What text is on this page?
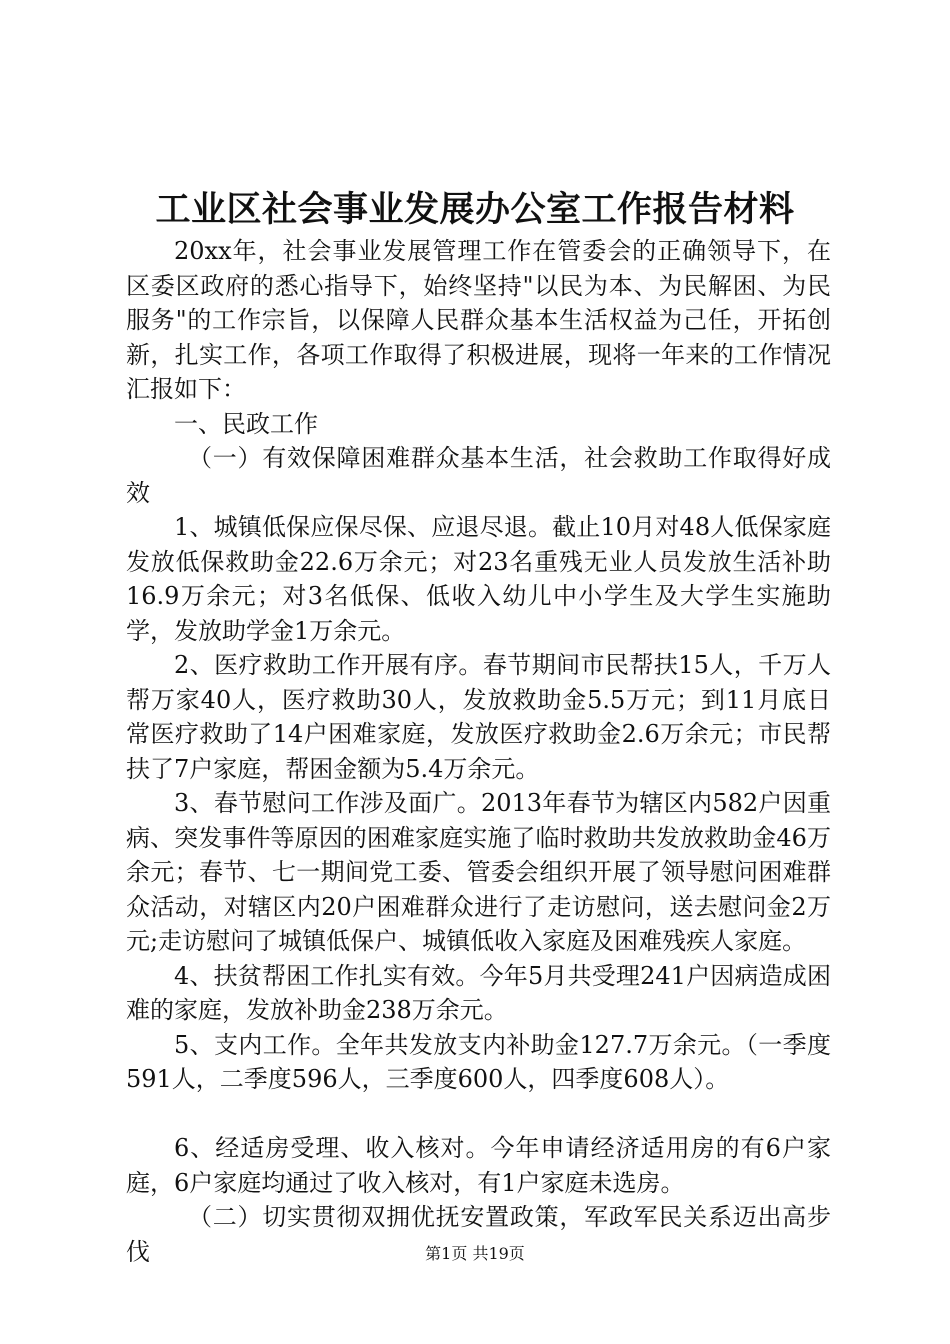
工业区社会事业发展办公室工作报告材料

20xx年，社会事业发展管理工作在管委会的正确领导下，在区委区政府的悉心指导下，始终坚持"以民为本、为民解困、为民服务"的工作宗旨，以保障人民群众基本生活权益为己任，开拓创新，扎实工作，各项工作取得了积极进展，现将一年来的工作情况汇报如下：

一、民政工作

（一）有效保障困难群众基本生活，社会救助工作取得好成效

1、城镇低保应保尽保、应退尽退。截止10月对48人低保家庭发放低保救助金22.6万余元；对23名重残无业人员发放生活补助16.9万余元；对3名低保、低收入幼儿中小学生及大学生实施助学，发放助学金1万余元。

2、医疗救助工作开展有序。春节期间市民帮扶15人，千万人帮万家40人，医疗救助30人，发放救助金5.5万元；到11月底日常医疗救助了14户困难家庭，发放医疗救助金2.6万余元；市民帮扶了7户家庭，帮困金额为5.4万余元。

3、春节慰问工作涉及面广。2013年春节为辖区内582户因重病、突发事件等原因的困难家庭实施了临时救助共发放救助金46万余元；春节、七一期间党工委、管委会组织开展了领导慰问困难群众活动，对辖区内20户困难群众进行了走访慰问，送去慰问金2万元;走访慰问了城镇低保户、城镇低收入家庭及困难残疾人家庭。

4、扶贫帮困工作扎实有效。今年5月共受理241户因病造成困难的家庭，发放补助金238万余元。

5、支内工作。全年共发放支内补助金127.7万余元。（一季度591人，二季度596人，三季度600人，四季度608人）。

6、经适房受理、收入核对。今年申请经济适用房的有6户家庭，6户家庭均通过了收入核对，有1户家庭未选房。

（二）切实贯彻双拥优抚安置政策，军政军民关系迈出高步伐	第1页 共19页
